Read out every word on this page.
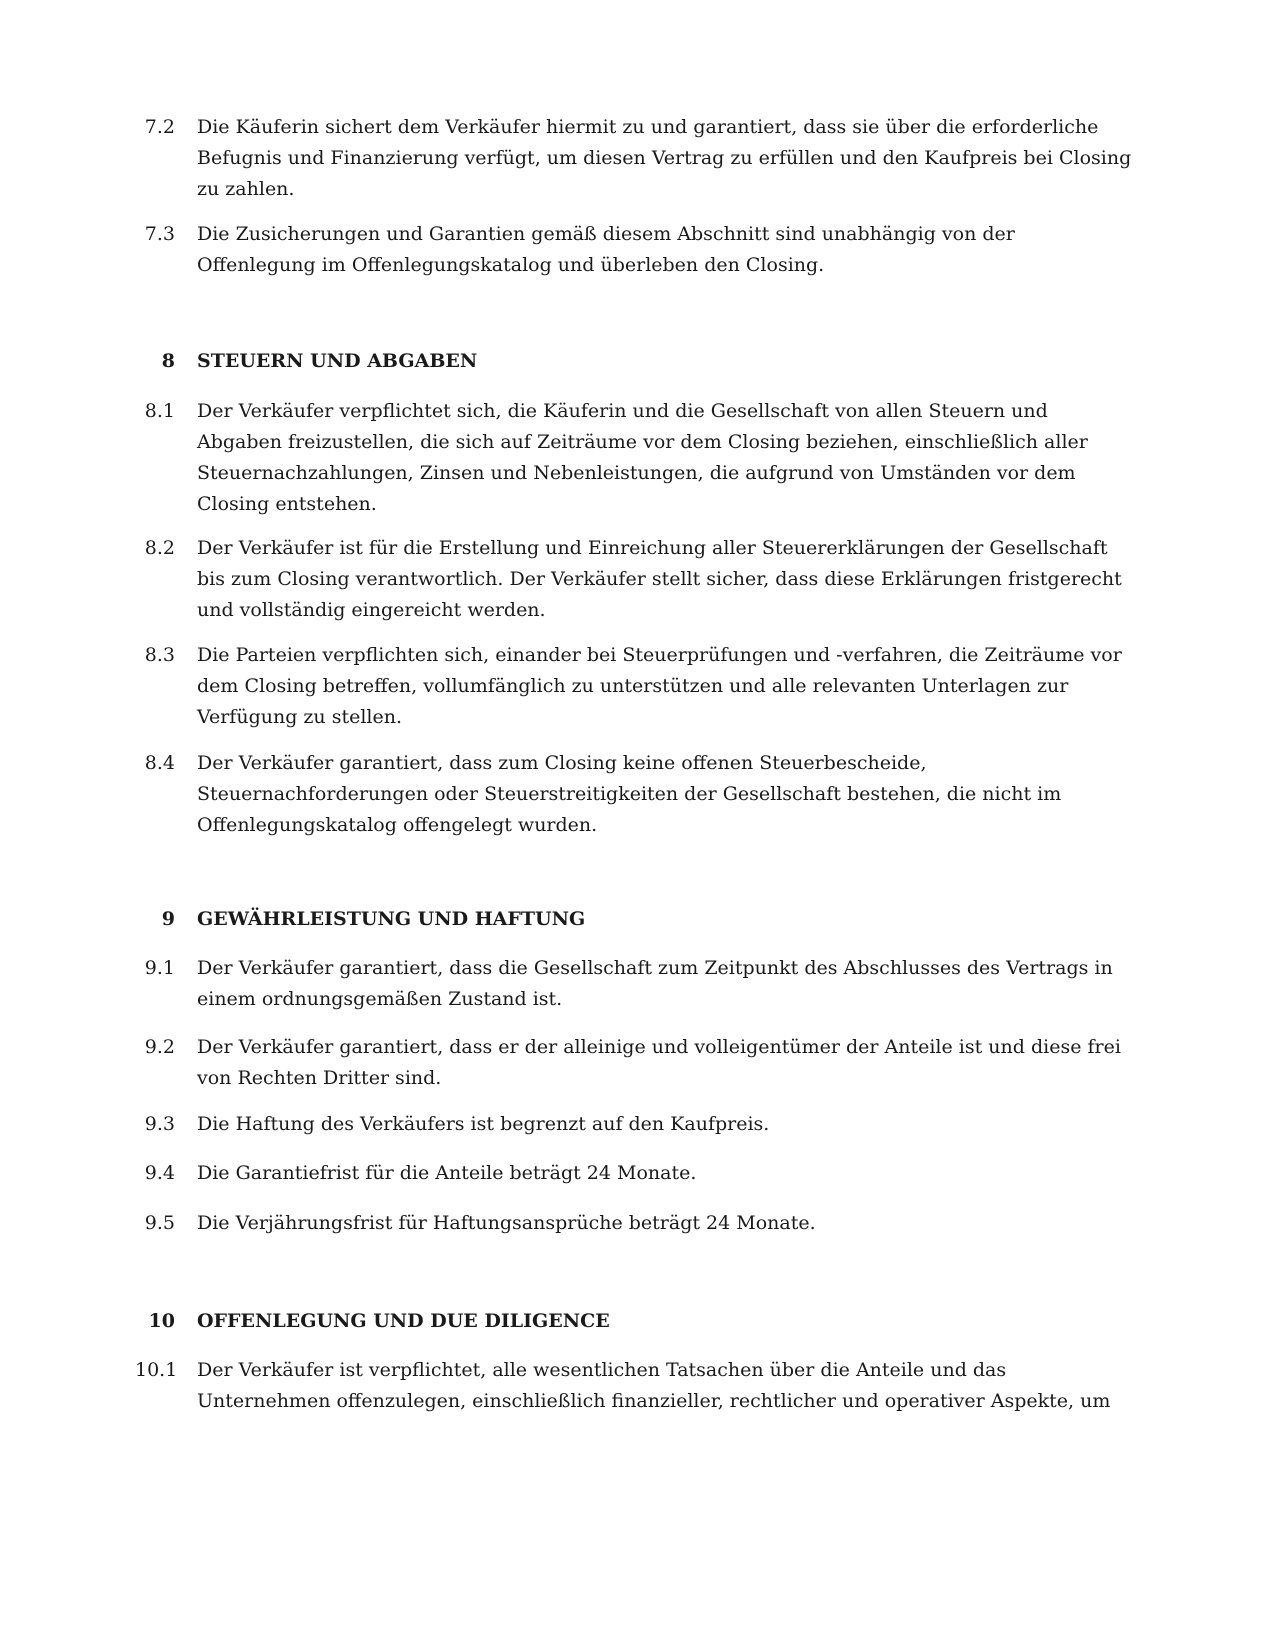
7.2 Die Käuferin sichert dem Verkäufer hiermit zu und garantiert, dass sie über die erforderliche Befugnis und Finanzierung verfügt, um diesen Vertrag zu erfüllen und den Kaufpreis bei Closing zu zahlen.
7.3 Die Zusicherungen und Garantien gemäß diesem Abschnitt sind unabhängig von der Offenlegung im Offenlegungskatalog und überleben den Closing.
8 STEUERN UND ABGABEN
8.1 Der Verkäufer verpflichtet sich, die Käuferin und die Gesellschaft von allen Steuern und Abgaben freizustellen, die sich auf Zeiträume vor dem Closing beziehen, einschließlich aller Steuernachzahlungen, Zinsen und Nebenleistungen, die aufgrund von Umständen vor dem Closing entstehen.
8.2 Der Verkäufer ist für die Erstellung und Einreichung aller Steuererklärungen der Gesellschaft bis zum Closing verantwortlich. Der Verkäufer stellt sicher, dass diese Erklärungen fristgerecht und vollständig eingereicht werden.
8.3 Die Parteien verpflichten sich, einander bei Steuerprüfungen und -verfahren, die Zeiträume vor dem Closing betreffen, vollumfänglich zu unterstützen und alle relevanten Unterlagen zur Verfügung zu stellen.
8.4 Der Verkäufer garantiert, dass zum Closing keine offenen Steuerbescheide, Steuernachforderungen oder Steuerstreitigkeiten der Gesellschaft bestehen, die nicht im Offenlegungskatalog offengelegt wurden.
9 GEWÄHRLEISTUNG UND HAFTUNG
9.1 Der Verkäufer garantiert, dass die Gesellschaft zum Zeitpunkt des Abschlusses des Vertrags in einem ordnungsgemäßen Zustand ist.
9.2 Der Verkäufer garantiert, dass er der alleinige und volleigentümer der Anteile ist und diese frei von Rechten Dritter sind.
9.3 Die Haftung des Verkäufers ist begrenzt auf den Kaufpreis.
9.4 Die Garantiefrist für die Anteile beträgt 24 Monate.
9.5 Die Verjährungsfrist für Haftungsansprüche beträgt 24 Monate.
10 OFFENLEGUNG UND DUE DILIGENCE
10.1 Der Verkäufer ist verpflichtet, alle wesentlichen Tatsachen über die Anteile und das Unternehmen offenzulegen, einschließlich finanzieller, rechtlicher und operativer Aspekte, um
